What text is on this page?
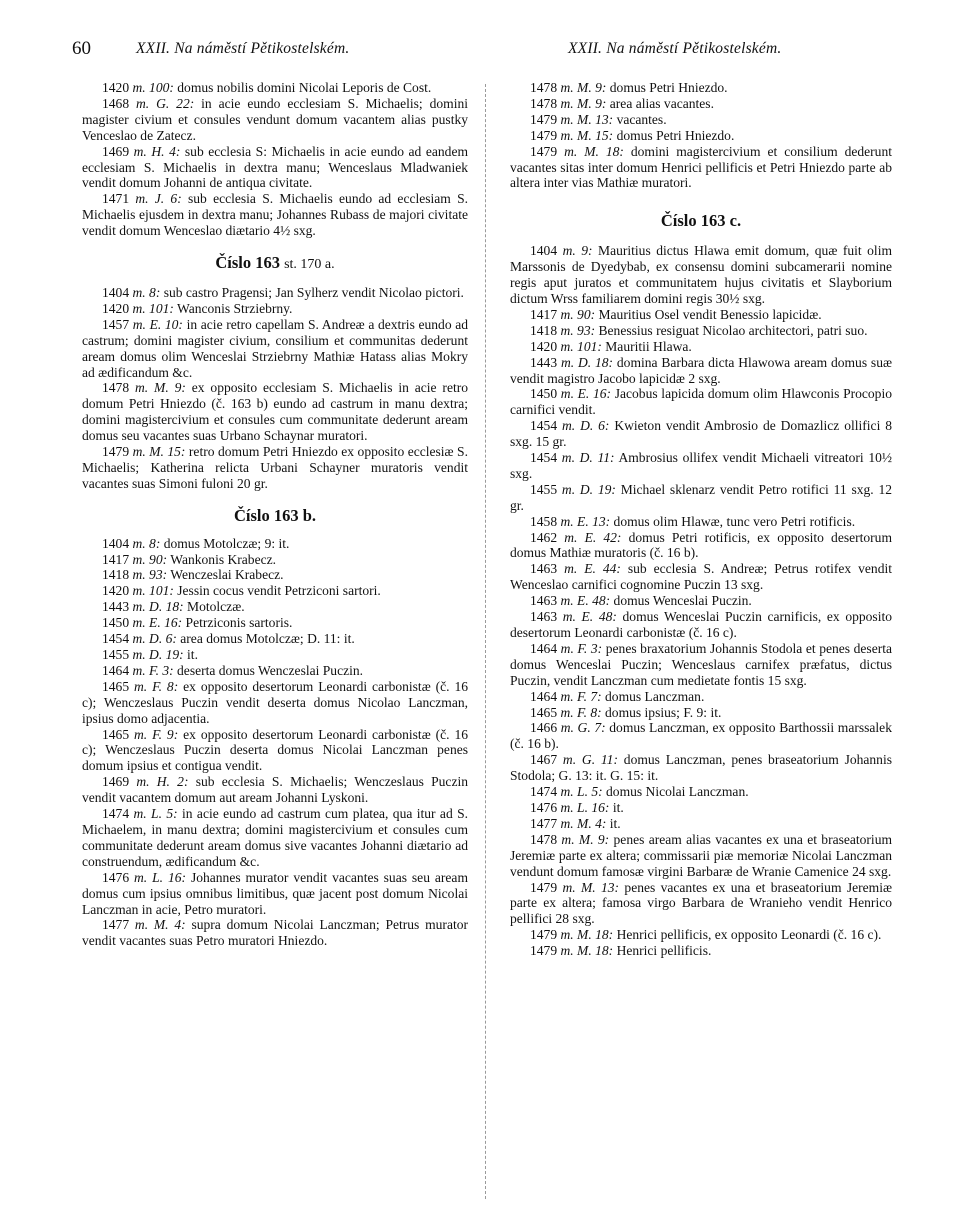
60	XXII. Na náměstí Pětikostelském.	XXII. Na náměstí Pětikostelském.

1420 m. 100: domus nobilis domini Nicolai Leporis de Cost.

1468 m. G. 22: in acie eundo ecclesiam S. Michaelis; domini magister civium et consules vendunt domum vacantem alias pustky Venceslao de Zatecz.

1469 m. H. 4: sub ecclesia S: Michaelis in acie eundo ad eandem ecclesiam S. Michaelis in dextra manu; Wenceslaus Mladwaniek vendit domum Johanni de antiqua civitate.

1471 m. J. 6: sub ecclesia S. Michaelis eundo ad ecclesiam S. Michaelis ejusdem in dextra manu; Johannes Rubass de majori civitate vendit domum Wenceslao diætario 4½ sxg.

Číslo 163 st. 170 a.

1404 m. 8: sub castro Pragensi; Jan Sylherz vendit Nicolao pictori.

1420 m. 101: Wanconis Strziebrny.

1457 m. E. 10: in acie retro capellam S. Andreæ a dextris eundo ad castrum; domini magister civium, consilium et communitas dederunt aream domus olim Wenceslai Strziebrny Mathiæ Hatass alias Mokry ad ædificandum &c.

1478 m. M. 9: ex opposito ecclesiam S. Michaelis in acie retro domum Petri Hniezdo (č. 163 b) eundo ad castrum in manu dextra; domini magistercivium et consules cum communitate dederunt aream domus seu vacantes suas Urbano Schaynar muratori.

1479 m. M. 15: retro domum Petri Hniezdo ex opposito ecclesiæ S. Michaelis; Katherina relicta Urbani Schayner muratoris vendit vacantes suas Simoni fuloni 20 gr.

Číslo 163 b.

1404 m. 8: domus Motolczæ; 9: it.

1417 m. 90: Wankonis Krabecz.

1418 m. 93: Wenczeslai Krabecz.

1420 m. 101: Jessin cocus vendit Petrziconi sartori.

1443 m. D. 18: Motolczæ.

1450 m. E. 16: Petrziconis sartoris.

1454 m. D. 6: area domus Motolczæ; D. 11: it.

1455 m. D. 19: it.

1464 m. F. 3: deserta domus Wenczeslai Puczin.

1465 m. F. 8: ex opposito desertorum Leonardi carbonistæ (č. 16 c); Wenczeslaus Puczin vendit deserta domus Nicolao Lanczman, ipsius domo adjacentia.

1465 m. F. 9: ex opposito desertorum Leonardi carbonistæ (č. 16 c); Wenczeslaus Puczin deserta domus Nicolai Lanczman penes domum ipsius et contigua vendit.

1469 m. H. 2: sub ecclesia S. Michaelis; Wenczeslaus Puczin vendit vacantem domum aut aream Johanni Lyskoni.

1474 m. L. 5: in acie eundo ad castrum cum platea, qua itur ad S. Michaelem, in manu dextra; domini magistercivium et consules cum communitate dederunt aream domus sive vacantes Johanni diætario ad construendum, ædificandum &c.

1476 m. L. 16: Johannes murator vendit vacantes suas seu aream domus cum ipsius omnibus limitibus, quæ jacent post domum Nicolai Lanczman in acie, Petro muratori.

1477 m. M. 4: supra domum Nicolai Lanczman; Petrus murator vendit vacantes suas Petro muratori Hniezdo.

1478 m. M. 9: domus Petri Hniezdo.

1478 m. M. 9: area alias vacantes.

1479 m. M. 13: vacantes.

1479 m. M. 15: domus Petri Hniezdo.

1479 m. M. 18: domini magistercivium et consilium dederunt vacantes sitas inter domum Henrici pellificis et Petri Hniezdo parte ab altera inter vias Mathiæ muratori.

Číslo 163 c.

1404 m. 9: Mauritius dictus Hlawa emit domum, quæ fuit olim Marssonis de Dyedybab, ex consensu domini subcamerarii nomine regis aput juratos et communitatem hujus civitatis et Slayborium dictum Wrss familiarem domini regis 30½ sxg.

1417 m. 90: Mauritius Osel vendit Benessio lapicidæ.

1418 m. 93: Benessius resiguat Nicolao architectori, patri suo.

1420 m. 101: Mauritii Hlawa.

1443 m. D. 18: domina Barbara dicta Hlawowa aream domus suæ vendit magistro Jacobo lapicidæ 2 sxg.

1450 m. E. 16: Jacobus lapicida domum olim Hlawconis Procopio carnifici vendit.

1454 m. D. 6: Kwieton vendit Ambrosio de Domazlicz ollifici 8 sxg. 15 gr.

1454 m. D. 11: Ambrosius ollifex vendit Michaeli vitreatori 10½ sxg.

1455 m. D. 19: Michael sklenarz vendit Petro rotifici 11 sxg. 12 gr.

1458 m. E. 13: domus olim Hlawæ, tunc vero Petri rotificis.

1462 m. E. 42: domus Petri rotificis, ex opposito desertorum domus Mathiæ muratoris (č. 16 b).

1463 m. E. 44: sub ecclesia S. Andreæ; Petrus rotifex vendit Wenceslao carnifici cognomine Puczin 13 sxg.

1463 m. E. 48: domus Wenceslai Puczin.

1463 m. E. 48: domus Wenceslai Puczin carnificis, ex opposito desertorum Leonardi carbonistæ (č. 16 c).

1464 m. F. 3: penes braxatorium Johannis Stodola et penes deserta domus Wenceslai Puczin; Wenceslaus carnifex præfatus, dictus Puczin, vendit Lanczman cum medietate fontis 15 sxg.

1464 m. F. 7: domus Lanczman.

1465 m. F. 8: domus ipsius; F. 9: it.

1466 m. G. 7: domus Lanczman, ex opposito Barthossii marssalek (č. 16 b).

1467 m. G. 11: domus Lanczman, penes braseatorium Johannis Stodola; G. 13: it. G. 15: it.

1474 m. L. 5: domus Nicolai Lanczman.

1476 m. L. 16: it.

1477 m. M. 4: it.

1478 m. M. 9: penes aream alias vacantes ex una et braseatorium Jeremiæ parte ex altera; commissarii piæ memoriæ Nicolai Lanczman vendunt domum famosæ virgini Barbaræ de Wranie Camenice 24 sxg.

1479 m. M. 13: penes vacantes ex una et braseatorium Jeremiæ parte ex altera; famosa virgo Barbara de Wranieho vendit Henrico pellifici 28 sxg.

1479 m. M. 18: Henrici pellificis, ex opposito Leonardi (č. 16 c).

1479 m. M. 18: Henrici pellificis.
